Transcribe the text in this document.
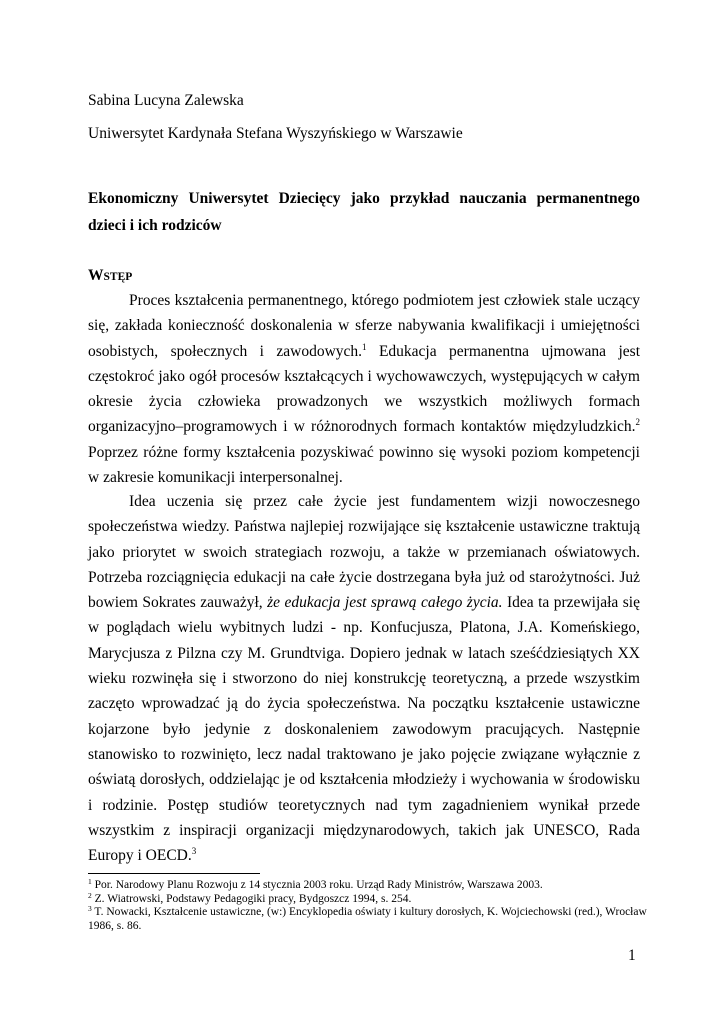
Sabina Lucyna Zalewska
Uniwersytet Kardynała Stefana Wyszyńskiego w Warszawie
Ekonomiczny Uniwersytet Dziecięcy jako przykład nauczania permanentnego dzieci i ich rodziców
WSTĘP

Proces kształcenia permanentnego, którego podmiotem jest człowiek stale uczący się, zakłada konieczność doskonalenia w sferze nabywania kwalifikacji i umiejętności osobistych, społecznych i zawodowych.$^1$ Edukacja permanentna ujmowana jest częstokroć jako ogół procesów kształcących i wychowawczych, występujących w całym okresie życia człowieka prowadzonych we wszystkich możliwych formach organizacyjno–programowych i w różnorodnych formach kontaktów międzyludzkich.$^2$ Poprzez różne formy kształcenia pozyskiwać powinno się wysoki poziom kompetencji w zakresie komunikacji interpersonalnej.

Idea uczenia się przez całe życie jest fundamentem wizji nowoczesnego społeczeństwa wiedzy. Państwa najlepiej rozwijające się kształcenie ustawiczne traktują jako priorytet w swoich strategiach rozwoju, a także w przemianach oświatowych. Potrzeba rozciągnięcia edukacji na całe życie dostrzegana była już od starożytności. Już bowiem Sokrates zauważył, że edukacja jest sprawą całego życia. Idea ta przewijała się w poglądach wielu wybitnych ludzi - np. Konfucjusza, Platona, J.A. Komeńskiego, Marycjusza z Pilzna czy M. Grundtviga. Dopiero jednak w latach sześćdziesiątych XX wieku rozwinęła się i stworzono do niej konstrukcję teoretyczną, a przede wszystkim zaczęto wprowadzać ją do życia społeczeństwa. Na początku kształcenie ustawiczne kojarzone było jedynie z doskonaleniem zawodowym pracujących. Następnie stanowisko to rozwinięto, lecz nadal traktowano je jako pojęcie związane wyłącznie z oświatą dorosłych, oddzielając je od kształcenia młodzieży i wychowania w środowisku i rodzinie. Postęp studiów teoretycznych nad tym zagadnieniem wynikał przede wszystkim z inspiracji organizacji międzynarodowych, takich jak UNESCO, Rada Europy i OECD.$^3$

$^1$ Por. Narodowy Planu Rozwoju z 14 stycznia 2003 roku. Urząd Rady Ministrów, Warszawa 2003.
$^2$ Z. Wiatrowski, Podstawy Pedagogiki pracy, Bydgoszcz 1994, s. 254.
$^3$ T. Nowacki, Kształcenie ustawiczne, (w:) Encyklopedia oświaty i kultury dorosłych, K. Wojciechowski (red.), Wrocław 1986, s. 86.
1
